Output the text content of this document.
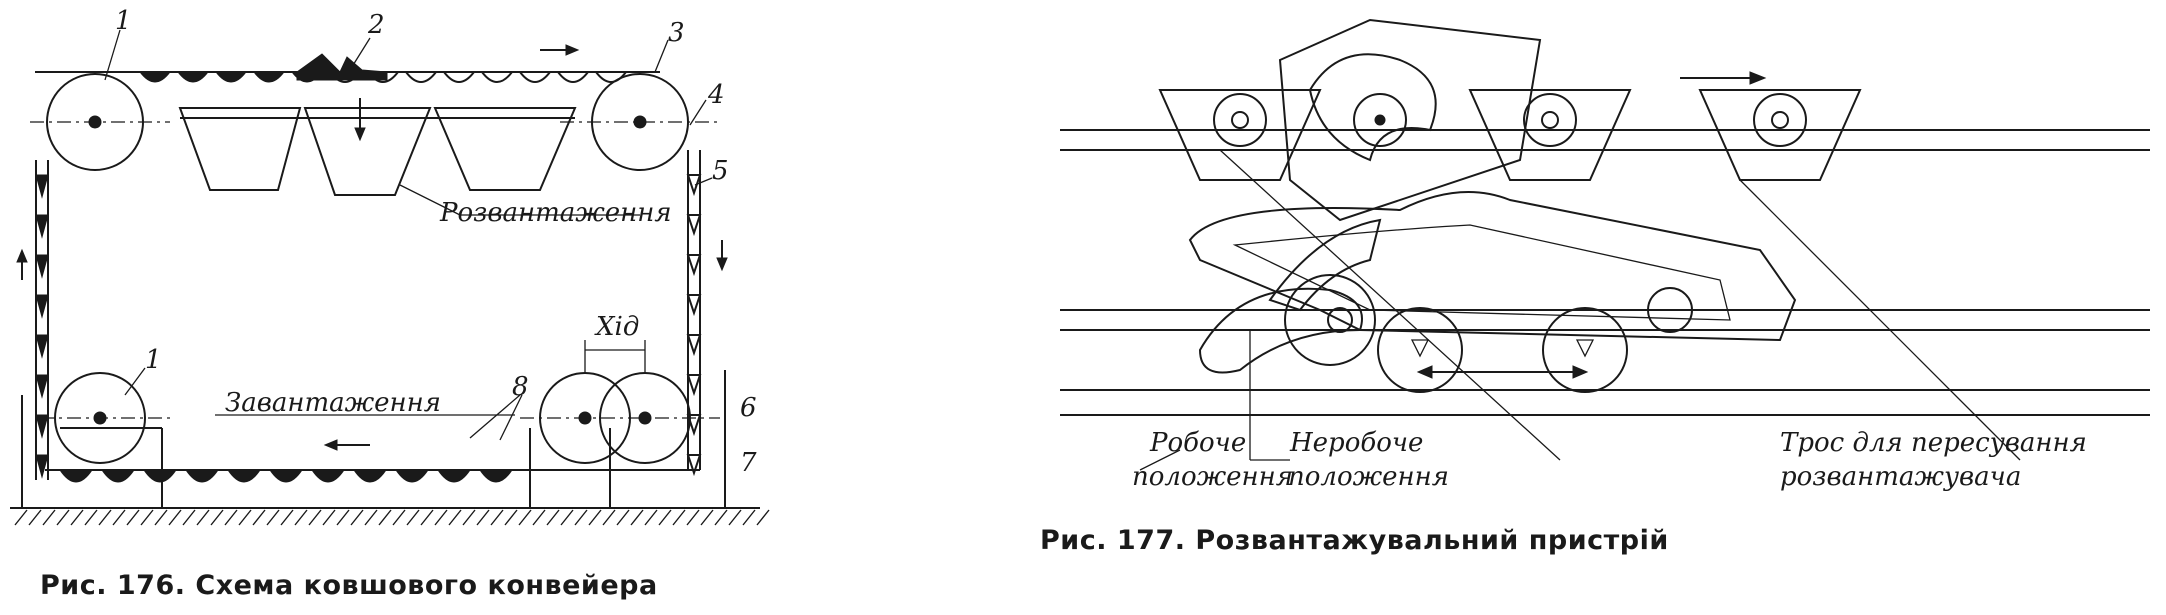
Розвантаження
Завантаження
Хід
1	2	3
4
5
1
6
7
8
Рис. 176. Схема ковшового конвейера
Робоче
положення
Неробоче
положення
Трос для пересування
розвантажувача
Рис. 177. Розвантажувальний пристрій
